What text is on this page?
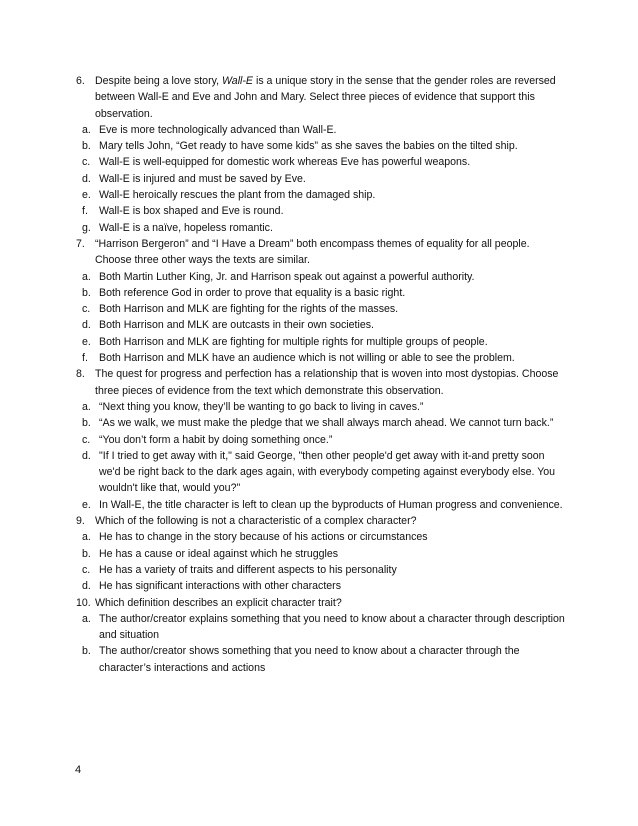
6. Despite being a love story, Wall-E is a unique story in the sense that the gender roles are reversed between Wall-E and Eve and John and Mary. Select three pieces of evidence that support this observation.
a. Eve is more technologically advanced than Wall-E.
b. Mary tells John, “Get ready to have some kids” as she saves the babies on the tilted ship.
c. Wall-E is well-equipped for domestic work whereas Eve has powerful weapons.
d. Wall-E is injured and must be saved by Eve.
e. Wall-E heroically rescues the plant from the damaged ship.
f.	Wall-E is box shaped and Eve is round.
g. Wall-E is a naïve, hopeless romantic.
7. “Harrison Bergeron” and “I Have a Dream” both encompass themes of equality for all people. Choose three other ways the texts are similar.
a. Both Martin Luther King, Jr. and Harrison speak out against a powerful authority.
b. Both reference God in order to prove that equality is a basic right.
c. Both Harrison and MLK are fighting for the rights of the masses.
d. Both Harrison and MLK are outcasts in their own societies.
e. Both Harrison and MLK are fighting for multiple rights for multiple groups of people.
f.	Both Harrison and MLK have an audience which is not willing or able to see the problem.
8. The quest for progress and perfection has a relationship that is woven into most dystopias. Choose three pieces of evidence from the text which demonstrate this observation.
a. “Next thing you know, they’ll be wanting to go back to living in caves.”
b. “As we walk, we must make the pledge that we shall always march ahead. We cannot turn back.”
c. “You don’t form a habit by doing something once.”
d. "If I tried to get away with it," said George, "then other people'd get away with it-and pretty soon we'd be right back to the dark ages again, with everybody competing against everybody else. You wouldn't like that, would you?"
e. In Wall-E, the title character is left to clean up the byproducts of Human progress and convenience.
9. Which of the following is not a characteristic of a complex character?
a. He has to change in the story because of his actions or circumstances
b. He has a cause or ideal against which he struggles
c. He has a variety of traits and different aspects to his personality
d. He has significant interactions with other characters
10. Which definition describes an explicit character trait?
a. The author/creator explains something that you need to know about a character through description and situation
b. The author/creator shows something that you need to know about a character through the character’s interactions and actions
4
